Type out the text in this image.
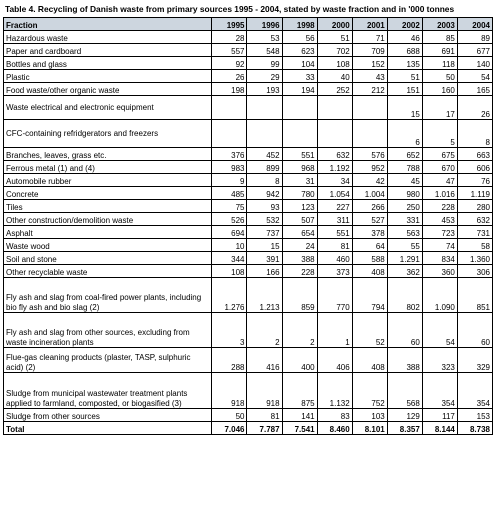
Table 4. Recycling of Danish waste from primary sources 1995 - 2004, stated by waste fraction and in '000 tonnes
Fraction	1995	1996	1998	2000	2001	2002	2003	2004
Hazardous waste	28	53	56	51	71	46	85	89
Paper and cardboard	557	548	623	702	709	688	691	677
Bottles and glass	92	99	104	108	152	135	118	140
Plastic	26	29	33	40	43	51	50	54
Food waste/other organic waste	198	193	194	252	212	151	160	165
Waste electrical and electronic equipment						15	17	26
CFC-containing refridgerators and freezers						6	5	8
Branches, leaves, grass etc.	376	452	551	632	576	652	675	663
Ferrous metal (1) and (4)	983	899	968	1.192	952	788	670	606
Automobile rubber	9	8	31	34	42	45	47	76
Concrete	485	942	780	1.054	1.004	980	1.016	1.119
Tiles	75	93	123	227	266	250	228	280
Other construction/demolition waste	526	532	507	311	527	331	453	632
Asphalt	694	737	654	551	378	563	723	731
Waste wood	10	15	24	81	64	55	74	58
Soil and stone	344	391	388	460	588	1.291	834	1.360
Other recyclable waste	108	166	228	373	408	362	360	306
Fly ash and slag from coal-fired power plants, including bio fly ash and bio slag (2)	1.276	1.213	859	770	794	802	1.090	851
Fly ash and slag from other sources, excluding from waste incineration plants	3	2	2	1	52	60	54	60
Flue-gas cleaning products (plaster, TASP, sulphuric acid) (2)	288	416	400	406	408	388	323	329
Sludge from municipal wastewater treatment plants applied to farmland, composted, or biogasified (3)	918	918	875	1.132	752	568	354	354
Sludge from other sources	50	81	141	83	103	129	117	153
Total	7.046	7.787	7.541	8.460	8.101	8.357	8.144	8.738
